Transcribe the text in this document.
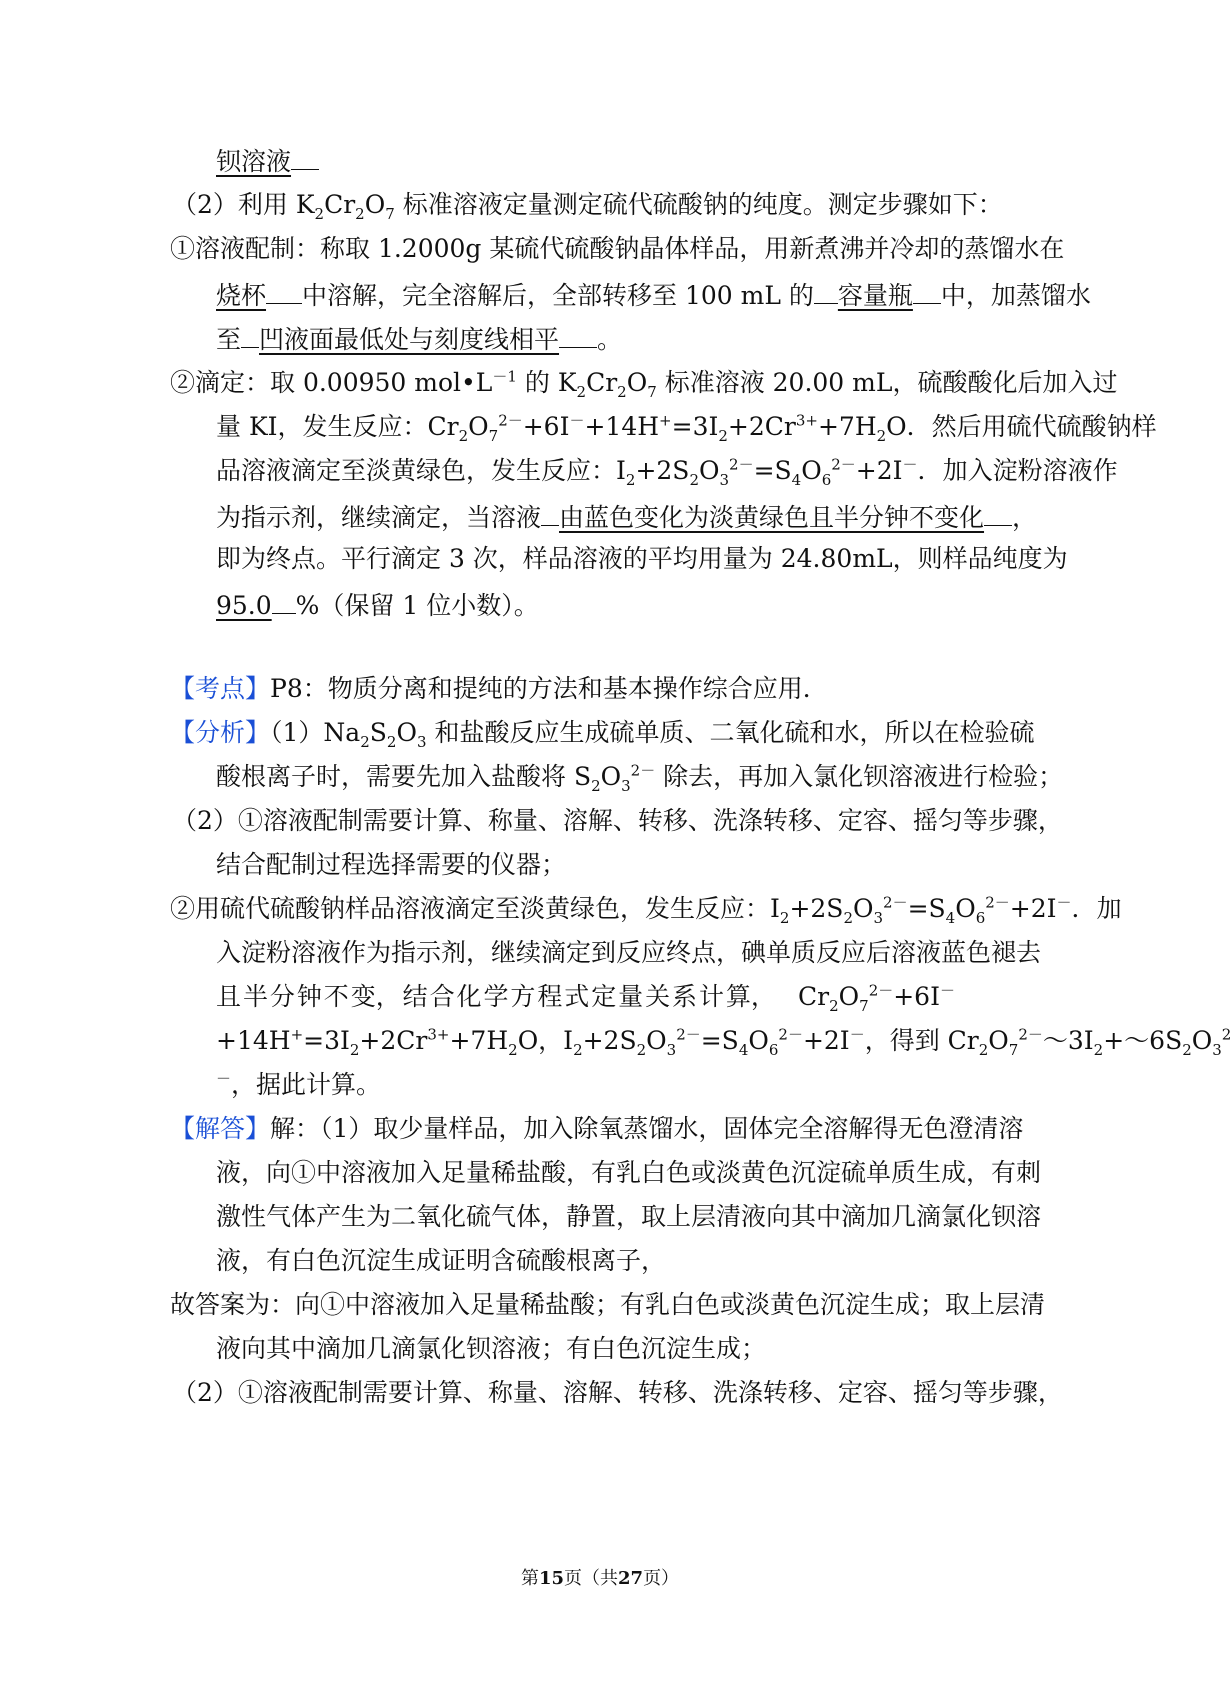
钡溶液
（2）利用 $K_2Cr_2O_7$ 标准溶液定量测定硫代硫酸钠的纯度。测定步骤如下：
①溶液配制：称取 1.2000g 某硫代硫酸钠晶体样品，用新煮沸并冷却的蒸馏水在
烧杯 中溶解，完全溶解后，全部转移至 100 mL 的 容量瓶 中，加蒸馏水
至 凹液面最低处与刻度线相平 。
②滴定：取 0.00950 $mol•L^{-1}$ 的 $K_2Cr_2O_7$ 标准溶液 20.00 mL，硫酸酸化后加入过
量 KI，发生反应：$Cr_2O_7^{2-}+6I^-+14H^+=3I_2+2Cr^{3+}+7H_2O$．然后用硫代硫酸钠样
品溶液滴定至淡黄绿色，发生反应：$I_2+2S_2O_3^{2-}=S_4O_6^{2-}+2I^-$．加入淀粉溶液作
为指示剂，继续滴定，当溶液 由蓝色变化为淡黄绿色且半分钟不变化 ，
即为终点。平行滴定 3 次，样品溶液的平均用量为 24.80mL，则样品纯度为
95.0 %（保留 1 位小数）。
【考点】P8：物质分离和提纯的方法和基本操作综合应用．
【分析】$(1)Na_2S_2O_3$ 和盐酸反应生成硫单质、二氧化硫和水，所以在检验硫
酸根离子时，需要先加入盐酸将 $S_2O_3^{2-}$ 除去，再加入氯化钡溶液进行检验；
（2）①溶液配制需要计算、称量、溶解、转移、洗涤转移、定容、摇匀等步骤，
结合配制过程选择需要的仪器；
②用硫代硫酸钠样品溶液滴定至淡黄绿色，发生反应：$I_2+2S_2O_3^{2-}=S_4O_6^{2-}+2I^-$．加
入淀粉溶液作为指示剂，继续滴定到反应终点，碘单质反应后溶液蓝色褪去
且 半 分 钟 不 变， 结 合 化 学 方 程 式 定 量 关 系 计 算， $Cr_2O_7^{2-}+6I^-$
$+14H^+=3I_2+2Cr^{3+}+7H_2O$，$I_2+2S_2O_3^{2-}=S_4O_6^{2-}+2I^-$，得到 $Cr_2O_7^{2-}\sim 3I_2+\sim 6S_2O_3^2$
－，据此计算。
【解答】解：（1）取少量样品，加入除氧蒸馏水，固体完全溶解得无色澄清溶
液，向①中溶液加入足量稀盐酸，有乳白色或淡黄色沉淀硫单质生成，有刺
激性气体产生为二氧化硫气体，静置，取上层清液向其中滴加几滴氯化钡溶
液，有白色沉淀生成证明含硫酸根离子，
故答案为：向①中溶液加入足量稀盐酸；有乳白色或淡黄色沉淀生成；取上层清
液向其中滴加几滴氯化钡溶液；有白色沉淀生成；
（2）①溶液配制需要计算、称量、溶解、转移、洗涤转移、定容、摇匀等步骤，
第15页（共27页）
